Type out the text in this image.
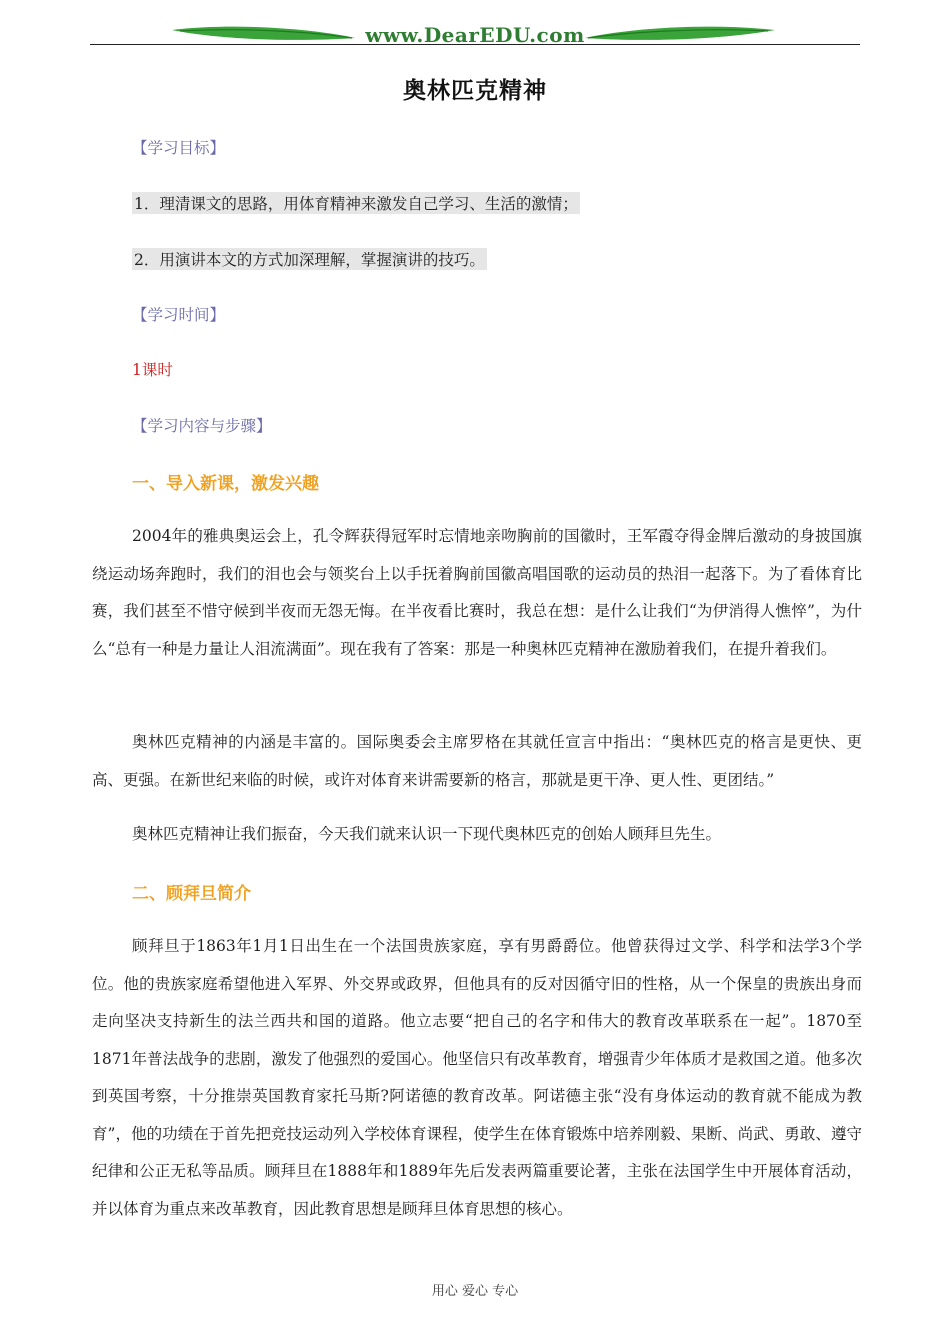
www.DearEDU.com
奥林匹克精神
【学习目标】
1．理清课文的思路，用体育精神来激发自己学习、生活的激情；
2．用演讲本文的方式加深理解，掌握演讲的技巧。
【学习时间】
1课时
【学习内容与步骤】
一、导入新课，激发兴趣

2004年的雅典奥运会上，孔令辉获得冠军时忘情地亲吻胸前的国徽时，王军霞夺得金牌后激动的身披国旗绕运动场奔跑时，我们的泪也会与领奖台上以手抚着胸前国徽高唱国歌的运动员的热泪一起落下。为了看体育比赛，我们甚至不惜守候到半夜而无怨无悔。在半夜看比赛时，我总在想：是什么让我们“为伊消得人憔悴”，为什么“总有一种是力量让人泪流满面”。现在我有了答案：那是一种奥林匹克精神在激励着我们，在提升着我们。

奥林匹克精神的内涵是丰富的。国际奥委会主席罗格在其就任宣言中指出：“奥林匹克的格言是更快、更高、更强。在新世纪来临的时候，或许对体育来讲需要新的格言，那就是更干净、更人性、更团结。”

奥林匹克精神让我们振奋，今天我们就来认识一下现代奥林匹克的创始人顾拜旦先生。

二、顾拜旦简介

顾拜旦于1863年1月1日出生在一个法国贵族家庭，享有男爵爵位。他曾获得过文学、科学和法学3个学位。他的贵族家庭希望他进入军界、外交界或政界，但他具有的反对因循守旧的性格，从一个保皇的贵族出身而走向坚决支持新生的法兰西共和国的道路。他立志要“把自己的名字和伟大的教育改革联系在一起”。1870至1871年普法战争的悲剧，激发了他强烈的爱国心。他坚信只有改革教育，增强青少年体质才是救国之道。他多次到英国考察，十分推崇英国教育家托马斯?阿诺德的教育改革。阿诺德主张“没有身体运动的教育就不能成为教育”，他的功绩在于首先把竞技运动列入学校体育课程，使学生在体育锻炼中培养刚毅、果断、尚武、勇敢、遵守纪律和公正无私等品质。顾拜旦在1888年和1889年先后发表两篇重要论著，主张在法国学生中开展体育活动，并以体育为重点来改革教育，因此教育思想是顾拜旦体育思想的核心。

用心 爱心 专心
